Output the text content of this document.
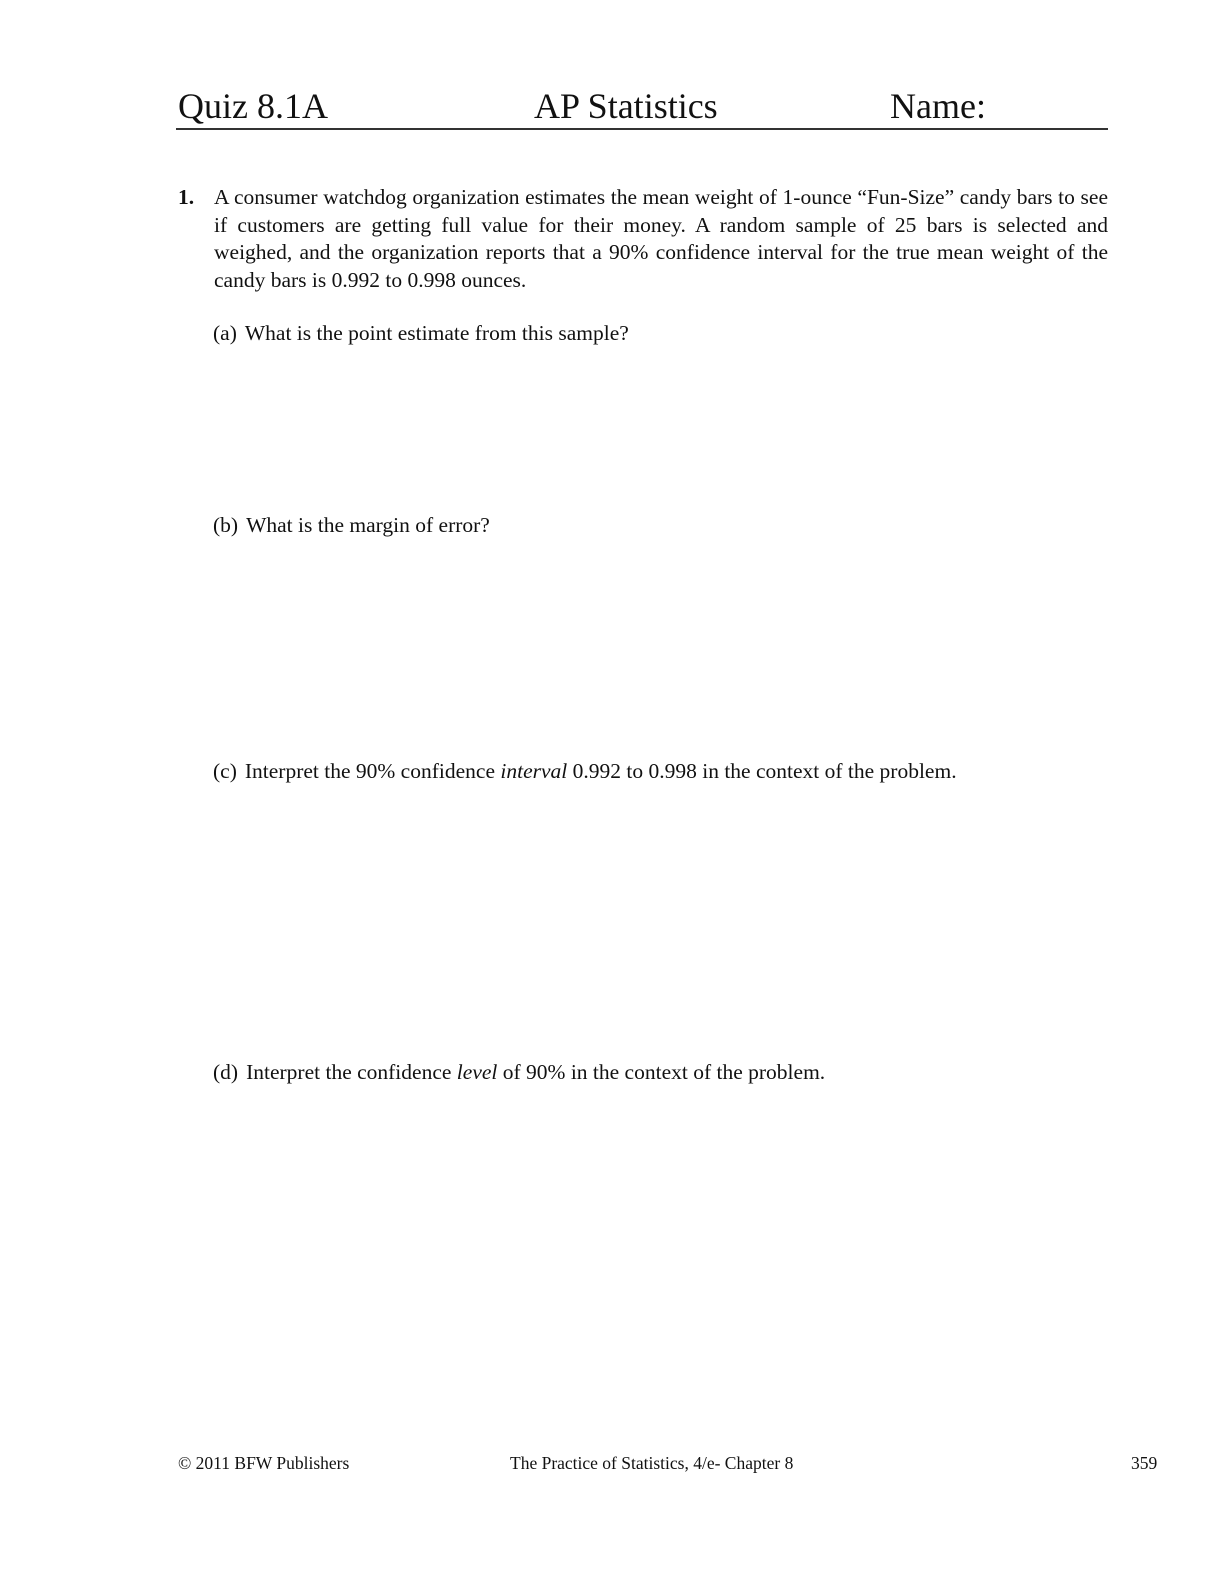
Quiz 8.1A	AP Statistics	Name:
1. A consumer watchdog organization estimates the mean weight of 1-ounce “Fun-Size” candy bars to see if customers are getting full value for their money. A random sample of 25 bars is selected and weighed, and the organization reports that a 90% confidence interval for the true mean weight of the candy bars is 0.992 to 0.998 ounces.
(a) What is the point estimate from this sample?
(b) What is the margin of error?
(c) Interpret the 90% confidence interval 0.992 to 0.998 in the context of the problem.
(d) Interpret the confidence level of 90% in the context of the problem.
© 2011 BFW Publishers	The Practice of Statistics, 4/e- Chapter 8	359
